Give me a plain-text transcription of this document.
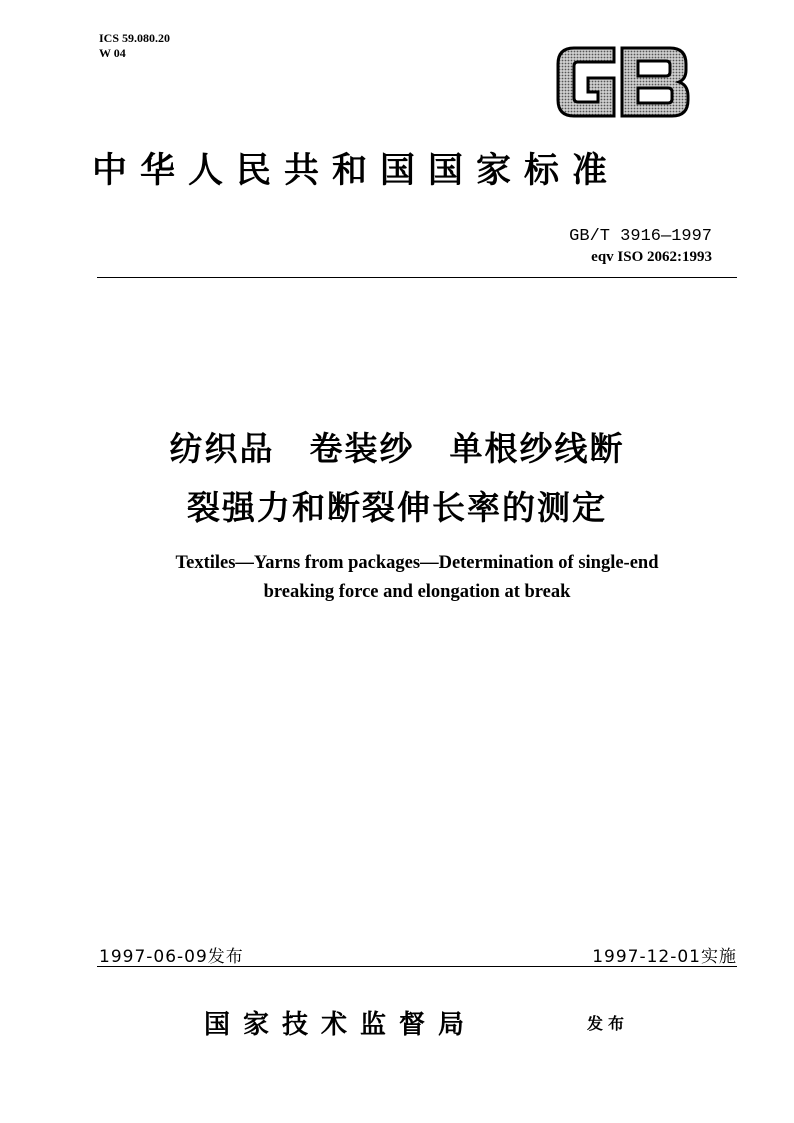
ICS 59.080.20
W 04
中华人民共和国国家标准
GB/T 3916—1997
eqv ISO 2062:1993
纺织品　卷装纱　单根纱线断
裂强力和断裂伸长率的测定
Textiles—Yarns from packages—Determination of single-end
breaking force and elongation at break
1997-06-09发布	1997-12-01实施
国家技术监督局	发布
